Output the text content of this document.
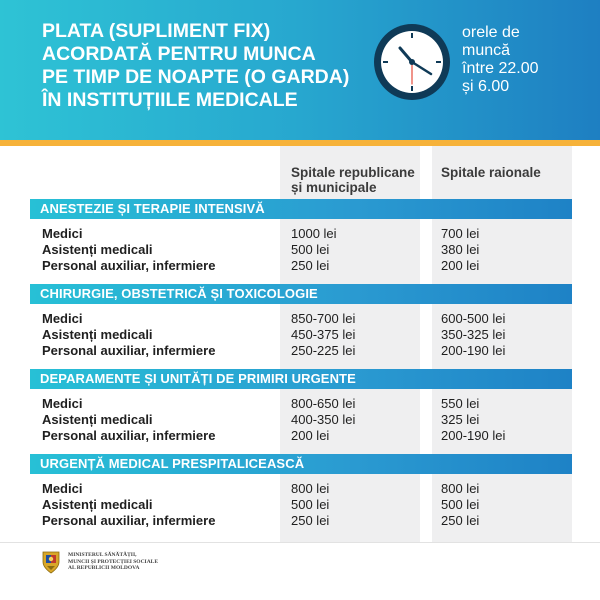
PLATA (SUPLIMENT FIX)
ACORDATĂ PENTRU MUNCA
PE TIMP DE NOAPTE (O GARDA)
ÎN INSTITUȚIILE MEDICALE
orele de
muncă
între 22.00
și 6.00
Spitale republicane
și municipale
Spitale raionale
ANESTEZIE ȘI TERAPIE INTENSIVĂ
Medici	1000 lei	700 lei
Asistenți medicali	500 lei	380 lei
Personal auxiliar, infermiere	250 lei	200 lei
CHIRURGIE, OBSTETRICĂ ȘI TOXICOLOGIE
Medici	850-700 lei	600-500 lei
Asistenți medicali	450-375 lei	350-325 lei
Personal auxiliar, infermiere	250-225 lei	200-190 lei
DEPARAMENTE ȘI UNITĂȚI DE PRIMIRI URGENTE
Medici	800-650 lei	550 lei
Asistenți medicali	400-350 lei	325 lei
Personal auxiliar, infermiere	200 lei	200-190 lei
URGENȚĂ MEDICAL PRESPITALICEASCĂ
Medici	800 lei	800 lei
Asistenți medicali	500 lei	500 lei
Personal auxiliar, infermiere	250 lei	250 lei
MINISTERUL SĂNĂTĂȚII,
MUNCII ȘI PROTECȚIEI SOCIALE
AL REPUBLICII MOLDOVA
